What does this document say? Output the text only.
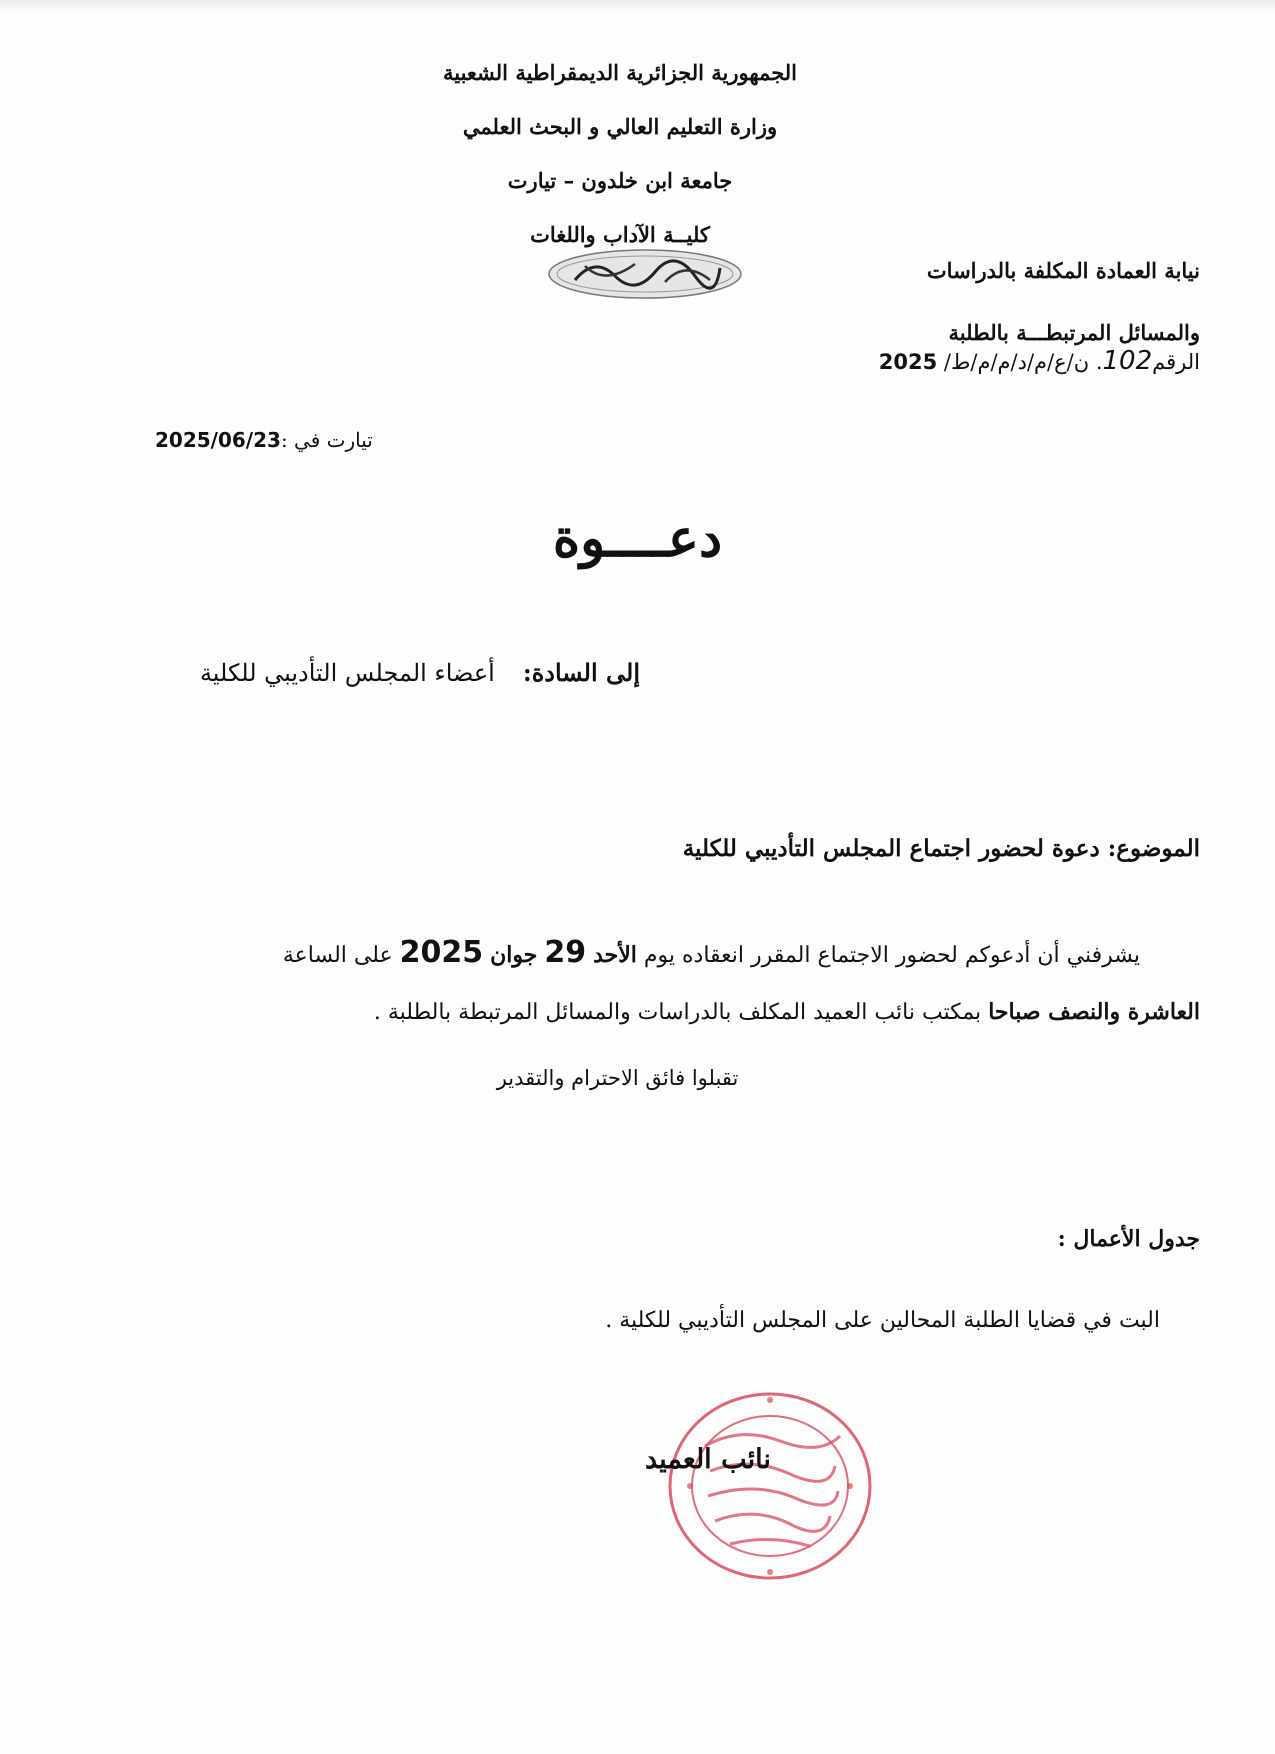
الجمهورية الجزائرية الديمقراطية الشعبية
وزارة التعليم العالي و البحث العلمي
جامعة ابن خلدون – تيارت
كليــة الآداب واللغات
نيابة العمادة المكلفة بالدراسات
والمسائل المرتبطـــة بالطلبة
الرقم102. ن/ع/م/د/م/م/ط/ 2025
تيارت في :2025/06/23
دعــــوة
إلى السادة:أعضاء المجلس التأديبي للكلية
الموضوع: دعوة لحضور اجتماع المجلس التأديبي للكلية
يشرفني أن أدعوكم لحضور الاجتماع المقرر انعقاده يوم الأحد 29 جوان 2025 على الساعة
العاشرة والنصف صباحا بمكتب نائب العميد المكلف بالدراسات والمسائل المرتبطة بالطلبة .
تقبلوا فائق الاحترام والتقدير
جدول الأعمال :
البت في قضايا الطلبة المحالين على المجلس التأديبي للكلية .
نائب العميد
